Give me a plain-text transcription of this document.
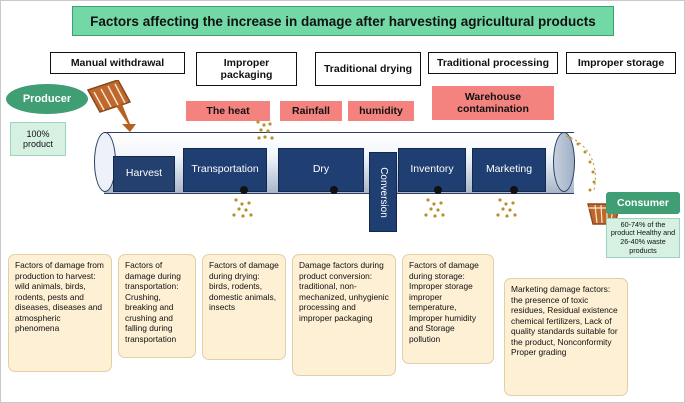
Factors affecting the increase in damage after harvesting agricultural products
Manual withdrawal	Improper packaging
Traditional drying	Traditional processing	Improper storage
The heat	Rainfall	humidity
Warehouse contamination
Producer
100% product
Harvest	Transportation	Dry	Conversion	Inventory	Marketing
Consumer
60-74% of the product Healthy and 26-40% waste products
Factors of damage from production to harvest: wild animals, birds, rodents, pests and diseases, diseases and atmospheric phenomena
Factors of damage during transportation: Crushing, breaking and crushing and falling during transportation
Factors of damage during drying: birds, rodents, domestic animals, insects
Damage factors during product conversion: traditional, non-mechanized, unhygienic processing and improper packaging
Factors of damage during storage: Improper storage improper temperature, Improper humidity and Storage pollution
Marketing damage factors: the presence of toxic residues, Residual existence chemical fertilizers, Lack of quality standards suitable for the product, Nonconformity Proper grading
